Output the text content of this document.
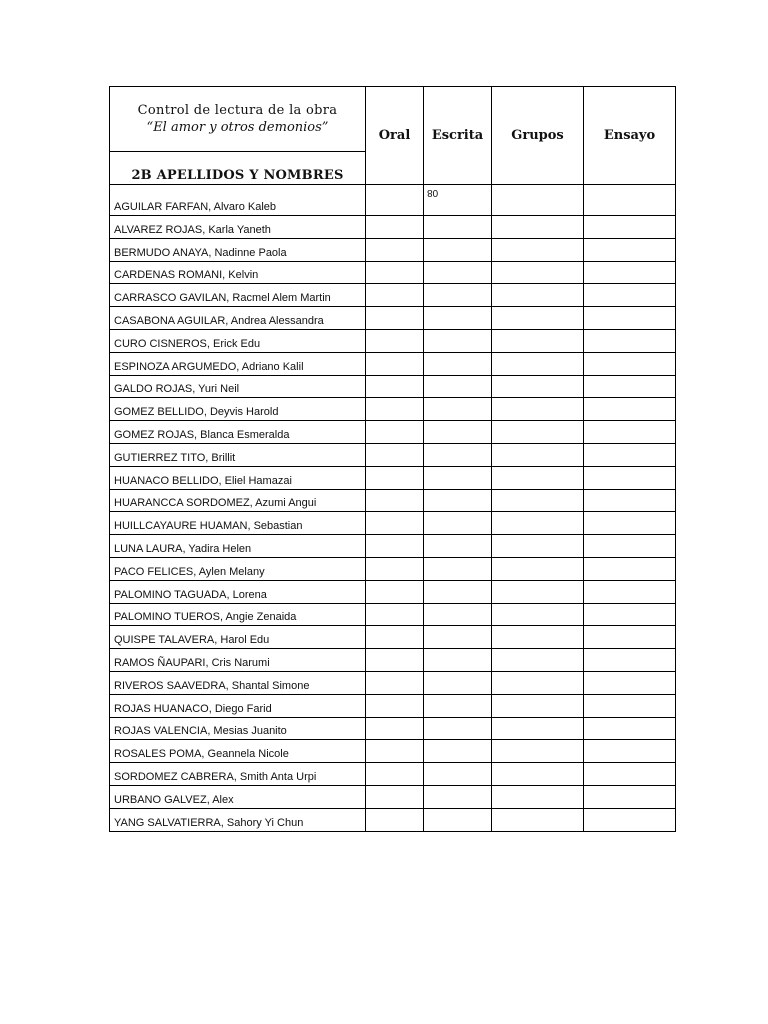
Control de lectura de la obra
“El amor y otros demonios”	Oral	Escrita	Grupos	Ensayo
2B APELLIDOS Y NOMBRES				
AGUILAR FARFAN, Alvaro Kaleb		08		
ALVAREZ ROJAS, Karla Yaneth				
BERMUDO ANAYA, Nadinne Paola				
CARDENAS ROMANI, Kelvin				
CARRASCO GAVILAN, Racmel Alem Martin				
CASABONA AGUILAR, Andrea Alessandra				
CURO CISNEROS, Erick Edu				
ESPINOZA ARGUMEDO, Adriano Kalil				
GALDO ROJAS, Yuri Neil				
GOMEZ BELLIDO, Deyvis Harold				
GOMEZ ROJAS, Blanca Esmeralda				
GUTIERREZ TITO, Brillit				
HUANACO BELLIDO, Eliel Hamazai				
HUARANCCA SORDOMEZ, Azumi Angui				
HUILLCAYAURE HUAMAN, Sebastian				
LUNA LAURA, Yadira Helen				
PACO FELICES, Aylen Melany				
PALOMINO TAGUADA, Lorena				
PALOMINO TUEROS, Angie Zenaida				
QUISPE TALAVERA, Harol Edu				
RAMOS ÑAUPARI, Cris Narumi				
RIVEROS SAAVEDRA, Shantal Simone				
ROJAS HUANACO, Diego Farid				
ROJAS VALENCIA, Mesias Juanito				
ROSALES POMA, Geannela Nicole				
SORDOMEZ CABRERA, Smith Anta Urpi				
URBANO GALVEZ, Alex				
YANG SALVATIERRA, Sahory Yi Chun				
